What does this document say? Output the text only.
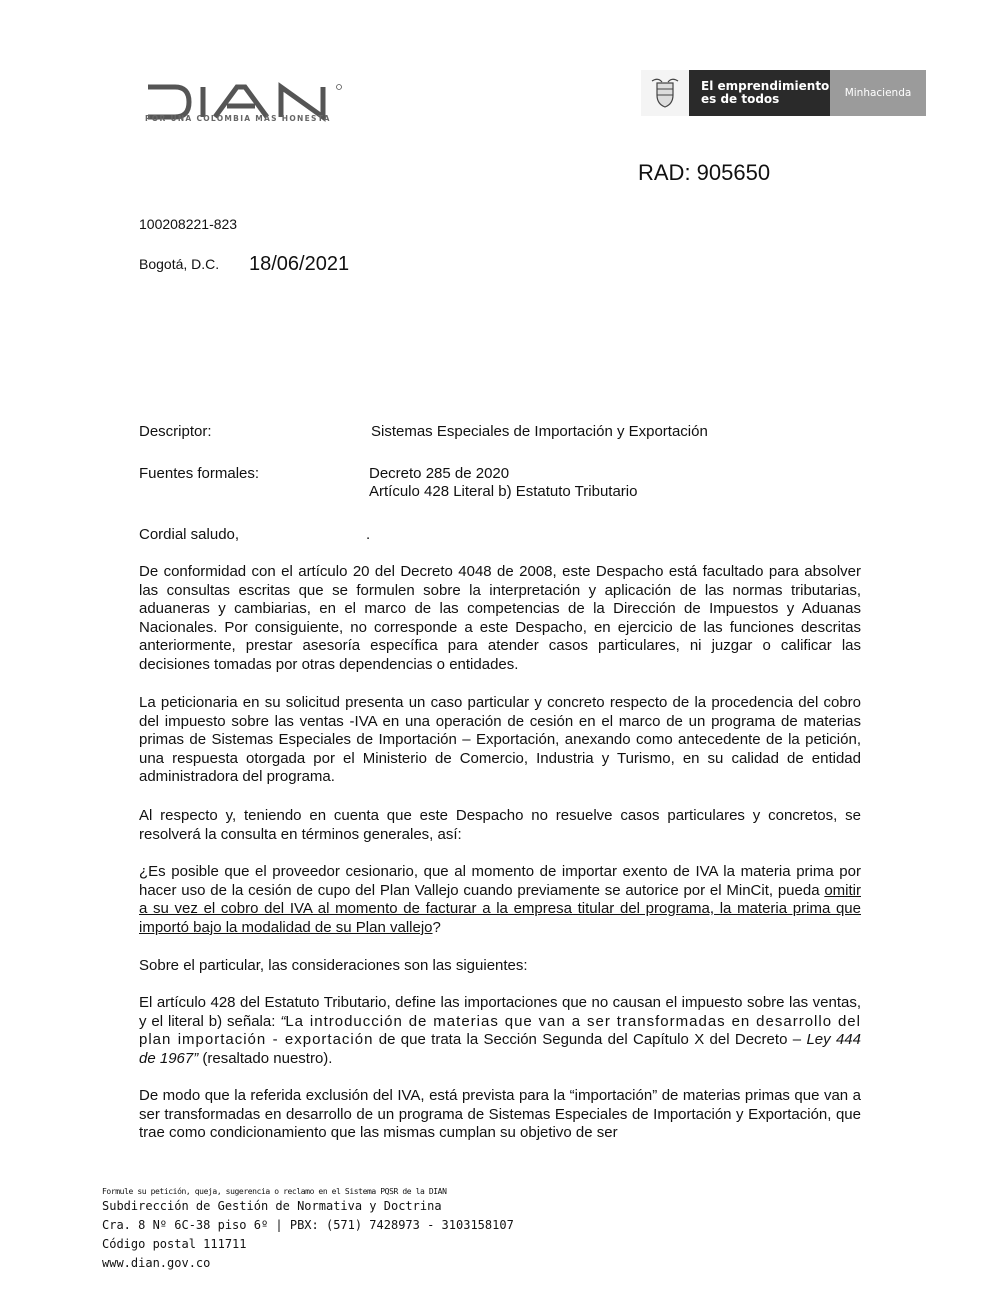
POR UNA COLOMBIA MÁS HONESTA
El emprendimiento
es de todos	Minhacienda
RAD: 905650
100208221-823
Bogotá, D.C. 18/06/2021
Descriptor:	Sistemas Especiales de Importación y Exportación
Fuentes formales:	Decreto 285 de 2020
Artículo 428 Literal b) Estatuto Tributario
Cordial saludo,	.

De conformidad con el artículo 20 del Decreto 4048 de 2008, este Despacho está facultado para absolver las consultas escritas que se formulen sobre la interpretación y aplicación de las normas tributarias, aduaneras y cambiarias, en el marco de las competencias de la Dirección de Impuestos y Aduanas Nacionales. Por consiguiente, no corresponde a este Despacho, en ejercicio de las funciones descritas anteriormente, prestar asesoría específica para atender casos particulares, ni juzgar o calificar las decisiones tomadas por otras dependencias o entidades.

La peticionaria en su solicitud presenta un caso particular y concreto respecto de la procedencia del cobro del impuesto sobre las ventas -IVA en una operación de cesión en el marco de un programa de materias primas de Sistemas Especiales de Importación – Exportación, anexando como antecedente de la petición, una respuesta otorgada por el Ministerio de Comercio, Industria y Turismo, en su calidad de entidad administradora del programa.

Al respecto y, teniendo en cuenta que este Despacho no resuelve casos particulares y concretos, se resolverá la consulta en términos generales, así:

¿Es posible que el proveedor cesionario, que al momento de importar exento de IVA la materia prima por hacer uso de la cesión de cupo del Plan Vallejo cuando previamente se autorice por el MinCit, pueda omitir a su vez el cobro del IVA al momento de facturar a la empresa titular del programa, la materia prima que importó bajo la modalidad de su Plan vallejo?

Sobre el particular, las consideraciones son las siguientes:

El artículo 428 del Estatuto Tributario, define las importaciones que no causan el impuesto sobre las ventas, y el literal b) señala: “La introducción de materias que van a ser transformadas en desarrollo del plan importación - exportación de que trata la Sección Segunda del Capítulo X del Decreto – Ley 444 de 1967” (resaltado nuestro).

De modo que la referida exclusión del IVA, está prevista para la “importación” de materias primas que van a ser transformadas en desarrollo de un programa de Sistemas Especiales de Importación y Exportación, que trae como condicionamiento que las mismas cumplan su objetivo de ser

Formule su petición, queja, sugerencia o reclamo en el Sistema PQSR de la DIAN
Subdirección de Gestión de Normativa y Doctrina
Cra. 8 Nº 6C-38 piso 6º | PBX: (571) 7428973 - 3103158107
Código postal 111711
www.dian.gov.co
